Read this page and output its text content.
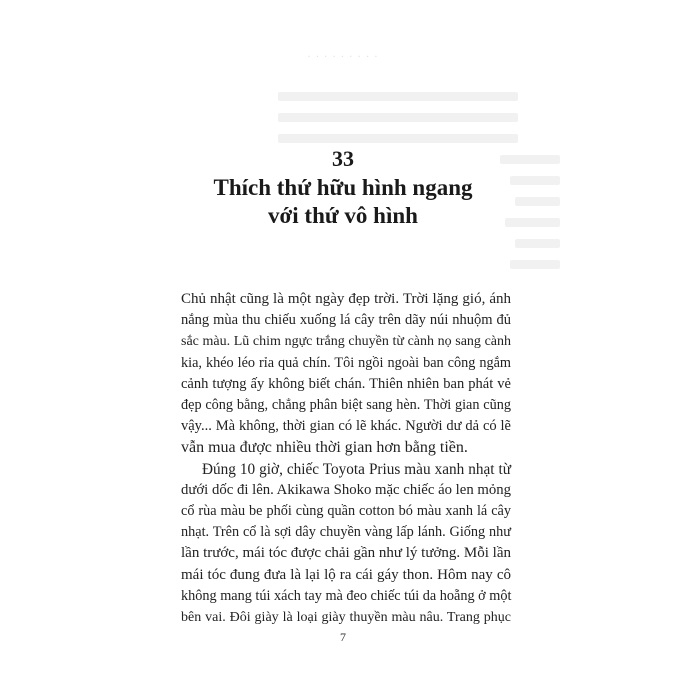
· · · · · · · · ·
33
Thích thứ hữu hình ngang
với thứ vô hình
Chủ nhật cũng là một ngày đẹp trời. Trời lặng gió, ánh
nắng mùa thu chiếu xuống lá cây trên dãy núi nhuộm đủ
sắc màu. Lũ chim ngực trắng chuyền từ cành nọ sang cành
kia, khéo léo rỉa quả chín. Tôi ngồi ngoài ban công ngắm
cảnh tượng ấy không biết chán. Thiên nhiên ban phát vẻ
đẹp công bằng, chẳng phân biệt sang hèn. Thời gian cũng
vậy... Mà không, thời gian có lẽ khác. Người dư dả có lẽ
vẫn mua được nhiều thời gian hơn bằng tiền.
Đúng 10 giờ, chiếc Toyota Prius màu xanh nhạt từ
dưới dốc đi lên. Akikawa Shoko mặc chiếc áo len mỏng
cổ rùa màu be phối cùng quần cotton bó màu xanh lá cây
nhạt. Trên cổ là sợi dây chuyền vàng lấp lánh. Giống như
lần trước, mái tóc được chải gần như lý tưởng. Mỗi lần
mái tóc đung đưa là lại lộ ra cái gáy thon. Hôm nay cô
không mang túi xách tay mà đeo chiếc túi da hoẵng ở một
bên vai. Đôi giày là loại giày thuyền màu nâu. Trang phục
7
